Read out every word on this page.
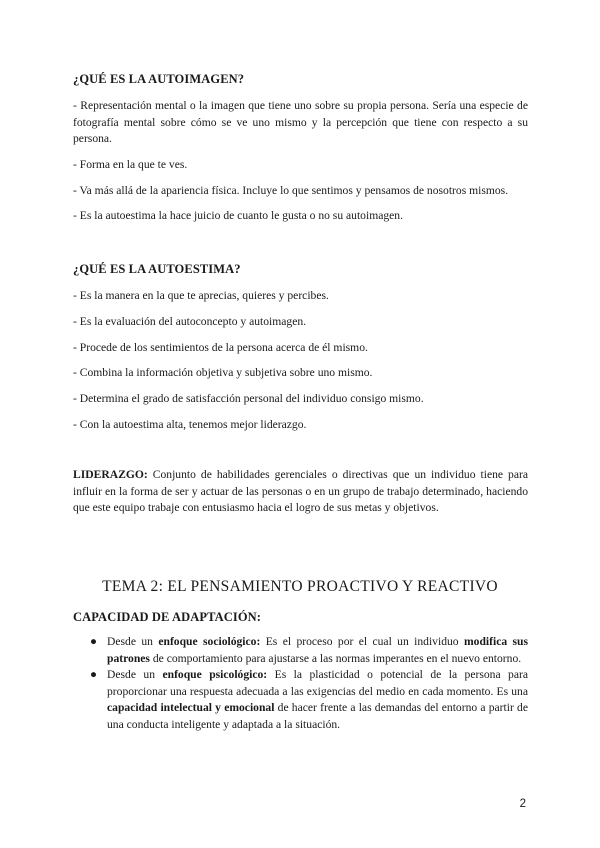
¿QUÉ ES LA AUTOIMAGEN?
- Representación mental o la imagen que tiene uno sobre su propia persona. Sería una especie de fotografía mental sobre cómo se ve uno mismo y la percepción que tiene con respecto a su persona.
- Forma en la que te ves.
- Va más allá de la apariencia física. Incluye lo que sentimos y pensamos de nosotros mismos.
- Es la autoestima la hace juicio de cuanto le gusta o no su autoimagen.
¿QUÉ ES LA AUTOESTIMA?
- Es la manera en la que te aprecias, quieres y percibes.
- Es la evaluación del autoconcepto y autoimagen.
- Procede de los sentimientos de la persona acerca de él mismo.
- Combina la información objetiva y subjetiva sobre uno mismo.
- Determina el grado de satisfacción personal del individuo consigo mismo.
- Con la autoestima alta, tenemos mejor liderazgo.
LIDERAZGO: Conjunto de habilidades gerenciales o directivas que un individuo tiene para influir en la forma de ser y actuar de las personas o en un grupo de trabajo determinado, haciendo que este equipo trabaje con entusiasmo hacia el logro de sus metas y objetivos.
TEMA 2: EL PENSAMIENTO PROACTIVO Y REACTIVO
CAPACIDAD DE ADAPTACIÓN:
● Desde un enfoque sociológico: Es el proceso por el cual un individuo modifica sus patrones de comportamiento para ajustarse a las normas imperantes en el nuevo entorno.
● Desde un enfoque psicológico: Es la plasticidad o potencial de la persona para proporcionar una respuesta adecuada a las exigencias del medio en cada momento. Es una capacidad intelectual y emocional de hacer frente a las demandas del entorno a partir de una conducta inteligente y adaptada a la situación.
2
